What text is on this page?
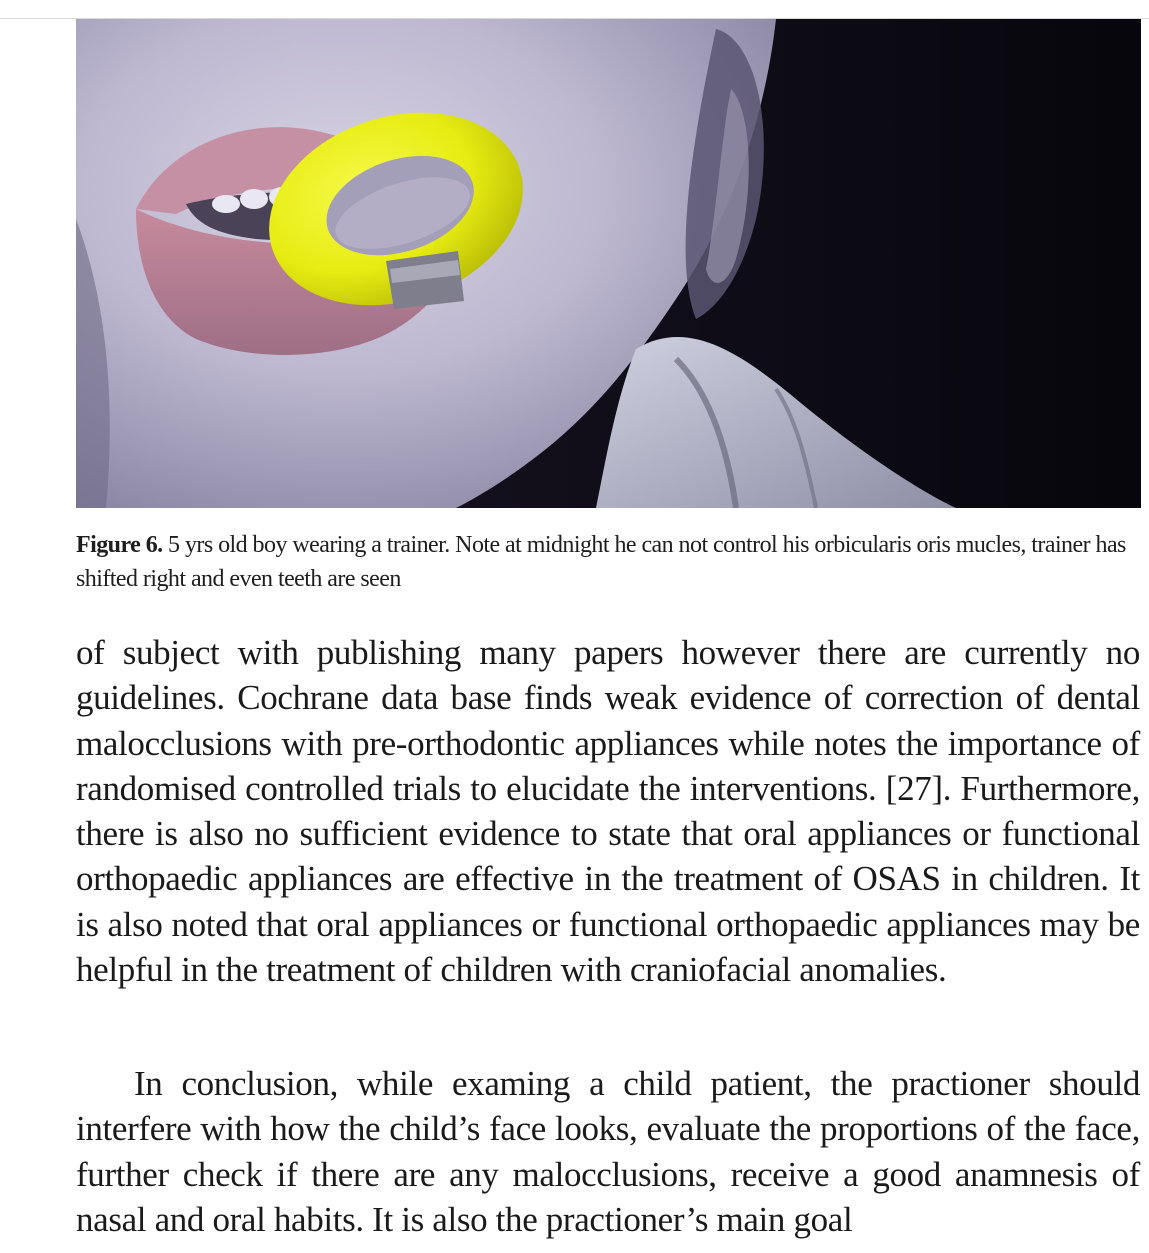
Figure 6. 5 yrs old boy wearing a trainer. Note at midnight he can not control his orbicularis oris mucles, trainer has shifted right and even teeth are seen

of subject with publishing many papers however there are currently no guidelines. Cochrane data base finds weak evidence of correction of dental malocclusions with pre-orthodontic appliances while notes the importance of randomised controlled trials to elucidate the interventions. [27]. Furthermore, there is also no sufficient evidence to state that oral appliances or functional orthopaedic appliances are effective in the treatment of OSAS in children. It is also noted that oral appliances or functional orthopaedic appliances may be helpful in the treatment of children with craniofacial anomalies.

In conclusion, while examing a child patient, the practioner should interfere with how the child’s face looks, evaluate the proportions of the face, further check if there are any malocclusions, receive a good anamnesis of nasal and oral habits. It is also the practioner’s main goal
